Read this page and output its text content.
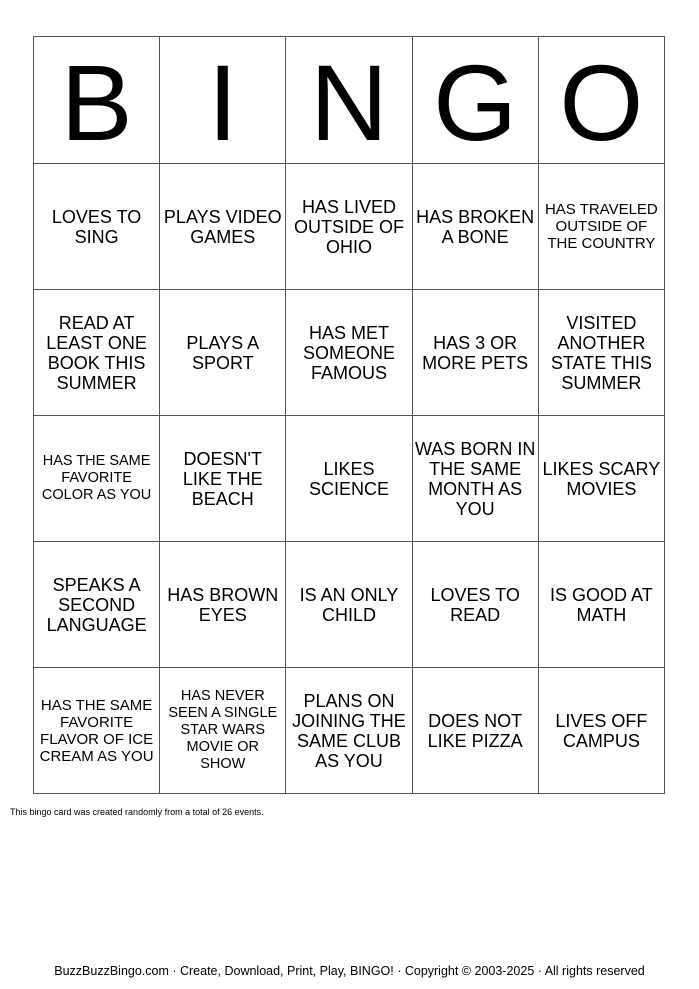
B	I	N	G	O
LOVES TO SING	PLAYS VIDEO GAMES	HAS LIVED OUTSIDE OF OHIO	HAS BROKEN A BONE	HAS TRAVELED OUTSIDE OF THE COUNTRY
READ AT LEAST ONE BOOK THIS SUMMER	PLAYS A SPORT	HAS MET SOMEONE FAMOUS	HAS 3 OR MORE PETS	VISITED ANOTHER STATE THIS SUMMER
HAS THE SAME FAVORITE COLOR AS YOU	DOESN'T LIKE THE BEACH	LIKES SCIENCE	WAS BORN IN THE SAME MONTH AS YOU	LIKES SCARY MOVIES
SPEAKS A SECOND LANGUAGE	HAS BROWN EYES	IS AN ONLY CHILD	LOVES TO READ	IS GOOD AT MATH
HAS THE SAME FAVORITE FLAVOR OF ICE CREAM AS YOU	HAS NEVER SEEN A SINGLE STAR WARS MOVIE OR SHOW	PLANS ON JOINING THE SAME CLUB AS YOU	DOES NOT LIKE PIZZA	LIVES OFF CAMPUS
This bingo card was created randomly from a total of 26 events.
BuzzBuzzBingo.com · Create, Download, Print, Play, BINGO! · Copyright © 2003-2025 · All rights reserved
